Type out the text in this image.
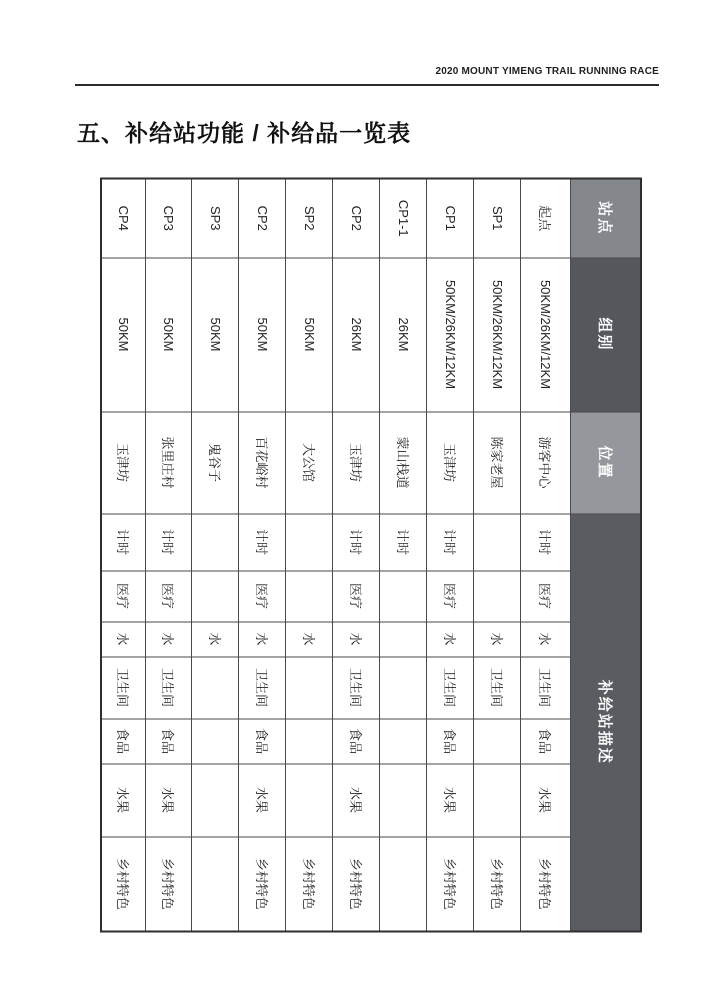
2020 MOUNT YIMENG TRAIL RUNNING RACE
五、补给站功能 / 补给品一览表
站点	组别	位置	补给站描述						
起点	50KM/26KM/12KM	游客中心	计时	医疗	水	卫生间	食品	水果	乡村特色
SP1	50KM/26KM/12KM	陈家老屋			水	卫生间			乡村特色
CP1	50KM/26KM/12KM	玉津坊	计时	医疗	水	卫生间	食品	水果	乡村特色
CP1-1	26KM	蒙山栈道	计时						
CP2	26KM	玉津坊	计时	医疗	水	卫生间	食品	水果	乡村特色
SP2	50KM	大公馆			水				乡村特色
CP2	50KM	百花峪村	计时	医疗	水	卫生间	食品	水果	乡村特色
SP3	50KM	鬼谷子			水				
CP3	50KM	张里庄村	计时	医疗	水	卫生间	食品	水果	乡村特色
CP4	50KM	玉津坊	计时	医疗	水	卫生间	食品	水果	乡村特色
